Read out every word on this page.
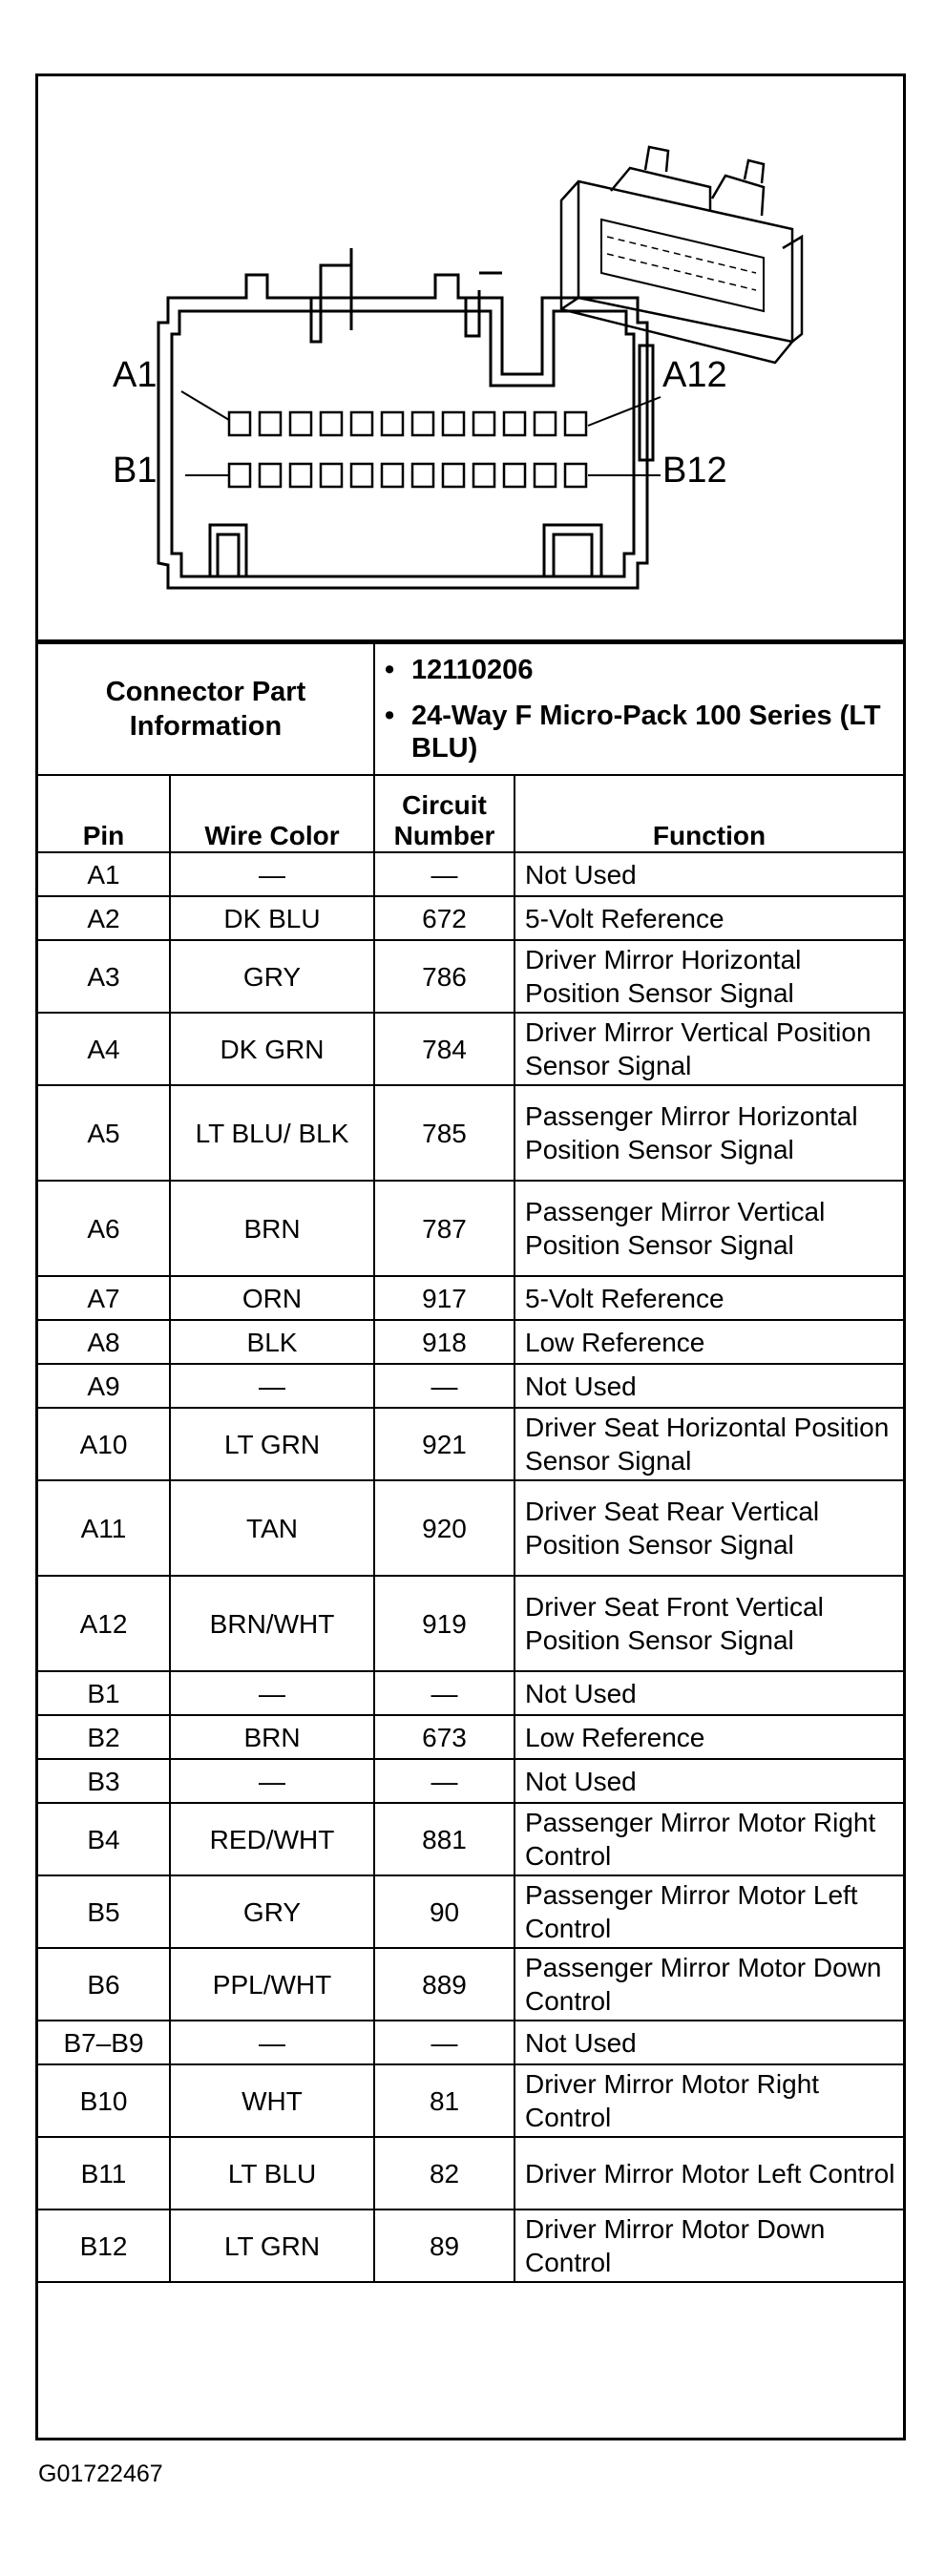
A1
B1
A12
B12
Connector Part Information		• 12110206
• 24-Way F Micro-Pack 100 Series (LT BLU)	

Pin	Wire Color	Circuit Number	Function
A1	—	—	Not Used
A2	DK BLU	672	5-Volt Reference
A3	GRY	786	Driver Mirror Horizontal Position Sensor Signal
A4	DK GRN	784	Driver Mirror Vertical Position Sensor Signal
A5	LT BLU/ BLK	785	Passenger Mirror Horizontal Position Sensor Signal
A6	BRN	787	Passenger Mirror Vertical Position Sensor Signal
A7	ORN	917	5-Volt Reference
A8	BLK	918	Low Reference
A9	—	—	Not Used
A10	LT GRN	921	Driver Seat Horizontal Position Sensor Signal
A11	TAN	920	Driver Seat Rear Vertical Position Sensor Signal
A12	BRN/WHT	919	Driver Seat Front Vertical Position Sensor Signal
B1	—	—	Not Used
B2	BRN	673	Low Reference
B3	—	—	Not Used
B4	RED/WHT	881	Passenger Mirror Motor Right Control
B5	GRY	90	Passenger Mirror Motor Left Control
B6	PPL/WHT	889	Passenger Mirror Motor Down Control
B7–B9	—	—	Not Used
B10	WHT	81	Driver Mirror Motor Right Control
B11	LT BLU	82	Driver Mirror Motor Left Control
B12	LT GRN	89	Driver Mirror Motor Down Control
G01722467
